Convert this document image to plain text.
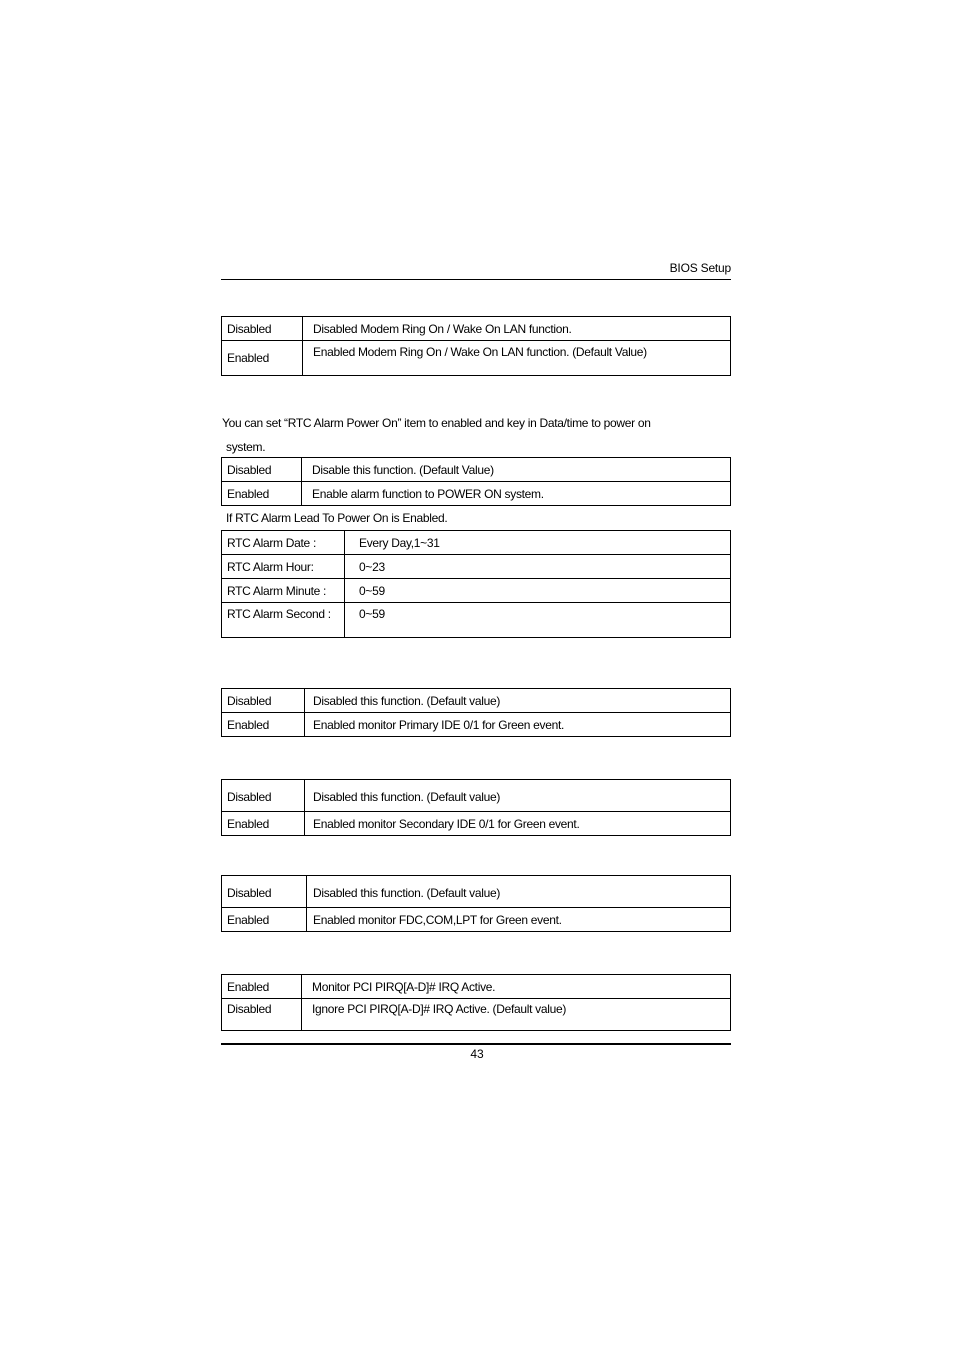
BIOS Setup
Disabled	Disabled Modem Ring On / Wake On LAN function.
Enabled	Enabled Modem Ring On / Wake On LAN function. (Default Value)
You can set “RTC Alarm Power On” item to enabled and key in Data/time to power on
system.
Disabled	Disable this function. (Default Value)
Enabled	Enable alarm function to POWER ON system.
If RTC Alarm Lead To Power On is Enabled.
RTC Alarm Date :	Every Day,1~31
RTC Alarm Hour:	0~23
RTC Alarm Minute :	0~59
RTC Alarm Second :	0~59
Disabled	Disabled this function. (Default value)
Enabled	Enabled monitor Primary IDE 0/1 for Green event.
Disabled	Disabled this function. (Default value)
Enabled	Enabled monitor Secondary IDE 0/1 for Green event.
Disabled	Disabled this function. (Default value)
Enabled	Enabled monitor FDC,COM,LPT for Green event.
Enabled	Monitor PCI PIRQ[A-D]# IRQ Active.
Disabled	Ignore PCI PIRQ[A-D]# IRQ Active. (Default value)
43
